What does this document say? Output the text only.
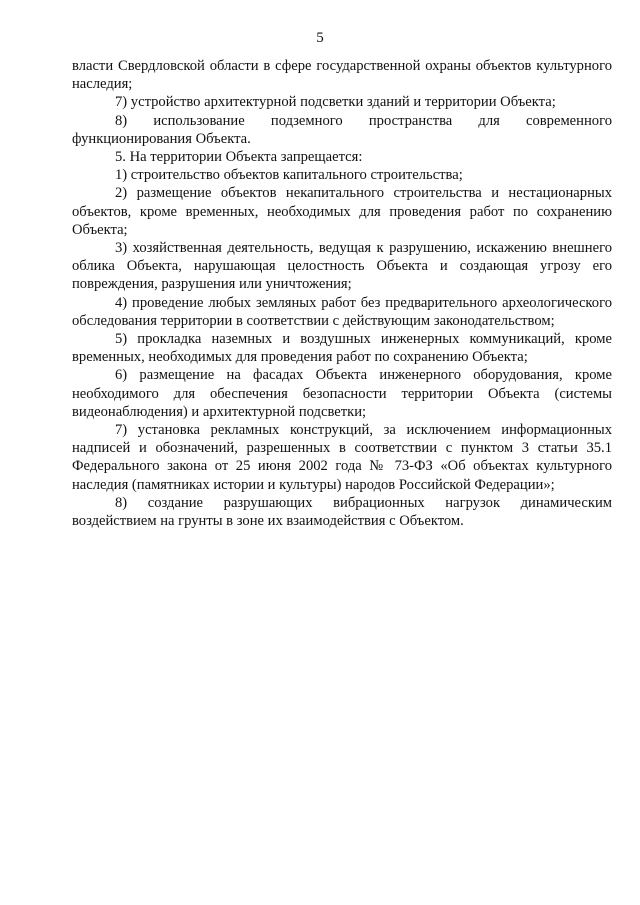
5

власти Свердловской области в сфере государственной охраны объектов культурного наследия;

7) устройство архитектурной подсветки зданий и территории Объекта;

8) использование подземного пространства для современного функционирования Объекта.

5. На территории Объекта запрещается:

1) строительство объектов капитального строительства;

2) размещение объектов некапитального строительства и нестационарных объектов, кроме временных, необходимых для проведения работ по сохранению Объекта;

3) хозяйственная деятельность, ведущая к разрушению, искажению внешнего облика Объекта, нарушающая целостность Объекта и создающая угрозу его повреждения, разрушения или уничтожения;

4) проведение любых земляных работ без предварительного археологического обследования территории в соответствии с действующим законодательством;

5) прокладка наземных и воздушных инженерных коммуникаций, кроме временных, необходимых для проведения работ по сохранению Объекта;

6) размещение на фасадах Объекта инженерного оборудования, кроме необходимого для обеспечения безопасности территории Объекта (системы видеонаблюдения) и архитектурной подсветки;

7) установка рекламных конструкций, за исключением информационных надписей и обозначений, разрешенных в соответствии с пунктом 3 статьи 35.1 Федерального закона от 25 июня 2002 года № 73-ФЗ «Об объектах культурного наследия (памятниках истории и культуры) народов Российской Федерации»;

8) создание разрушающих вибрационных нагрузок динамическим воздействием на грунты в зоне их взаимодействия с Объектом.
